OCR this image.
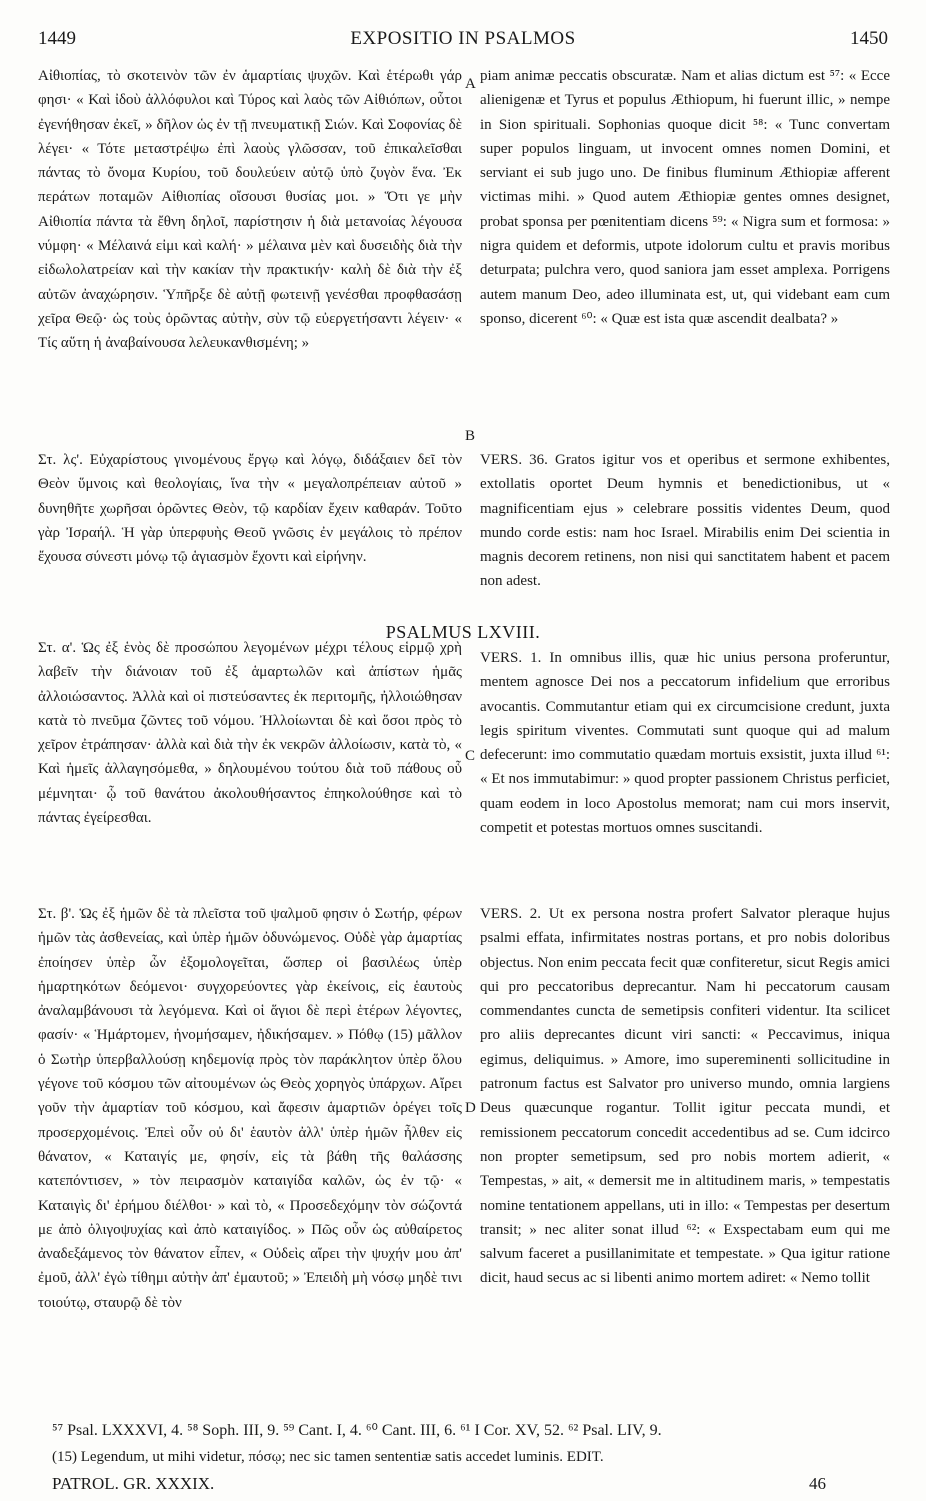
1449	EXPOSITIO IN PSALMOS	1450
A
B
C
D

Αἰθιοπίας, τὸ σκοτεινὸν τῶν ἐν ἁμαρτίαις ψυχῶν. Καὶ ἑτέρωθι γάρ φησι· « Καὶ ἰδοὺ ἀλλόφυλοι καὶ Τύρος καὶ λαὸς τῶν Αἰθιόπων, οὗτοι ἐγενήθησαν ἐκεῖ, » δῆλον ὡς ἐν τῇ πνευματικῇ Σιών. Καὶ Σοφονίας δὲ λέγει· « Τότε μεταστρέψω ἐπὶ λαοὺς γλῶσσαν, τοῦ ἐπικαλεῖσθαι πάντας τὸ ὄνομα Κυρίου, τοῦ δουλεύειν αὐτῷ ὑπὸ ζυγὸν ἕνα. Ἐκ περάτων ποταμῶν Αἰθιοπίας οἴσουσι θυσίας μοι. » Ὅτι γε μὴν Αἰθιοπία πάντα τὰ ἔθνη δηλοῖ, παρίστησιν ἡ διὰ μετανοίας λέγουσα νύμφη· « Μέλαινά εἰμι καὶ καλή· » μέλαινα μὲν καὶ δυσειδὴς διὰ τὴν εἰδωλολατρείαν καὶ τὴν κακίαν τὴν πρακτικήν· καλὴ δὲ διὰ τὴν ἐξ αὐτῶν ἀναχώρησιν. Ὑπῆρξε δὲ αὐτῇ φωτεινῇ γενέσθαι προφθασάσῃ χεῖρα Θεῷ· ὡς τοὺς ὁρῶντας αὐτὴν, σὺν τῷ εὐεργετήσαντι λέγειν· « Τίς αὕτη ἡ ἀναβαίνουσα λελευκανθισμένη; »

Στ. λς'. Εὐχαρίστους γινομένους ἔργῳ καὶ λόγῳ, διδάξαιεν δεῖ τὸν Θεὸν ὕμνοις καὶ θεολογίαις, ἵνα τὴν « μεγαλοπρέπειαν αὐτοῦ » δυνηθῆτε χωρῆσαι ὁρῶντες Θεὸν, τῷ καρδίαν ἔχειν καθαράν. Τοῦτο γὰρ Ἰσραήλ. Ἡ γὰρ ὑπερφυὴς Θεοῦ γνῶσις ἐν μεγάλοις τὸ πρέπον ἔχουσα σύνεστι μόνῳ τῷ ἁγιασμὸν ἔχοντι καὶ εἰρήνην.

Στ. α'. Ὡς ἐξ ἑνὸς δὲ προσώπου λεγομένων μέχρι τέλους εἱρμῷ χρὴ λαβεῖν τὴν διάνοιαν τοῦ ἐξ ἁμαρτωλῶν καὶ ἀπίστων ἡμᾶς ἀλλοιώσαντος. Ἀλλὰ καὶ οἱ πιστεύσαντες ἐκ περιτομῆς, ἠλλοιώθησαν κατὰ τὸ πνεῦμα ζῶντες τοῦ νόμου. Ἠλλοίωνται δὲ καὶ ὅσοι πρὸς τὸ χεῖρον ἐτράπησαν· ἀλλὰ καὶ διὰ τὴν ἐκ νεκρῶν ἀλλοίωσιν, κατὰ τὸ, « Καὶ ἡμεῖς ἀλλαγησόμεθα, » δηλουμένου τούτου διὰ τοῦ πάθους οὗ μέμνηται· ᾧ τοῦ θανάτου ἀκολουθήσαντος ἐπηκολούθησε καὶ τὸ πάντας ἐγείρεσθαι.

Στ. β'. Ὡς ἐξ ἡμῶν δὲ τὰ πλεῖστα τοῦ ψαλμοῦ φησιν ὁ Σωτήρ, φέρων ἡμῶν τὰς ἀσθενείας, καὶ ὑπὲρ ἡμῶν ὀδυνώμενος. Οὐδὲ γὰρ ἁμαρτίας ἐποίησεν ὑπὲρ ὧν ἐξομολογεῖται, ὥσπερ οἱ βασιλέως ὑπὲρ ἡμαρτηκότων δεόμενοι· συγχορεύοντες γὰρ ἐκείνοις, εἰς ἑαυτοὺς ἀναλαμβάνουσι τὰ λεγόμενα. Καὶ οἱ ἅγιοι δὲ περὶ ἑτέρων λέγοντες, φασίν· « Ἡμάρτομεν, ἠνομήσαμεν, ἠδικήσαμεν. » Πόθῳ (15) μᾶλλον ὁ Σωτὴρ ὑπερβαλλούσῃ κηδεμονίᾳ πρὸς τὸν παράκλητον ὑπὲρ ὅλου γέγονε τοῦ κόσμου τῶν αἰτουμένων ὡς Θεὸς χορηγὸς ὑπάρχων. Αἴρει γοῦν τὴν ἁμαρτίαν τοῦ κόσμου, καὶ ἄφεσιν ἁμαρτιῶν ὀρέγει τοῖς προσερχομένοις. Ἐπεὶ οὖν οὐ δι' ἑαυτὸν ἀλλ' ὑπὲρ ἡμῶν ἦλθεν εἰς θάνατον, « Καταιγίς με, φησίν, εἰς τὰ βάθη τῆς θαλάσσης κατεπόντισεν, » τὸν πειρασμὸν καταιγίδα καλῶν, ὡς ἐν τῷ· « Καταιγὶς δι' ἐρήμου διέλθοι· » καὶ τὸ, « Προσεδεχόμην τὸν σώζοντά με ἀπὸ ὀλιγοψυχίας καὶ ἀπὸ καταιγίδος. » Πῶς οὖν ὡς αὐθαίρετος ἀναδεξάμενος τὸν θάνατον εἶπεν, « Οὐδεὶς αἴρει τὴν ψυχήν μου ἀπ' ἐμοῦ, ἀλλ' ἐγὼ τίθημι αὐτὴν ἀπ' ἐμαυτοῦ; » Ἐπειδὴ μὴ νόσῳ μηδὲ τινι τοιούτῳ, σταυρῷ δὲ τὸν

piam animæ peccatis obscuratæ. Nam et alias dictum est ⁵⁷: « Ecce alienigenæ et Tyrus et populus Æthiopum, hi fuerunt illic, » nempe in Sion spirituali. Sophonias quoque dicit ⁵⁸: « Tunc convertam super populos linguam, ut invocent omnes nomen Domini, et serviant ei sub jugo uno. De finibus fluminum Æthiopiæ afferent victimas mihi. » Quod autem Æthiopiæ gentes omnes designet, probat sponsa per pœnitentiam dicens ⁵⁹: « Nigra sum et formosa: » nigra quidem et deformis, utpote idolorum cultu et pravis moribus deturpata; pulchra vero, quod saniora jam esset amplexa. Porrigens autem manum Deo, adeo illuminata est, ut, qui videbant eam cum sponso, dicerent ⁶⁰: « Quæ est ista quæ ascendit dealbata? »

VERS. 36. Gratos igitur vos et operibus et sermone exhibentes, extollatis oportet Deum hymnis et benedictionibus, ut « magnificentiam ejus » celebrare possitis videntes Deum, quod mundo corde estis: nam hoc Israel. Mirabilis enim Dei scientia in magnis decorem retinens, non nisi qui sanctitatem habent et pacem non adest.

PSALMUS LXVIII.

VERS. 1. In omnibus illis, quæ hic unius persona proferuntur, mentem agnosce Dei nos a peccatorum infidelium que erroribus avocantis. Commutantur etiam qui ex circumcisione credunt, juxta legis spiritum viventes. Commutati sunt quoque qui ad malum defecerunt: imo commutatio quædam mortuis exsistit, juxta illud ⁶¹: « Et nos immutabimur: » quod propter passionem Christus perficiet, quam eodem in loco Apostolus memorat; nam cui mors inservit, competit et potestas mortuos omnes suscitandi.

VERS. 2. Ut ex persona nostra profert Salvator pleraque hujus psalmi effata, infirmitates nostras portans, et pro nobis doloribus objectus. Non enim peccata fecit quæ confiteretur, sicut Regis amici qui pro peccatoribus deprecantur. Nam hi peccatorum causam commendantes cuncta de semetipsis confiteri videntur. Ita scilicet pro aliis deprecantes dicunt viri sancti: « Peccavimus, iniqua egimus, deliquimus. » Amore, imo supereminenti sollicitudine in patronum factus est Salvator pro universo mundo, omnia largiens Deus quæcunque rogantur. Tollit igitur peccata mundi, et remissionem peccatorum concedit accedentibus ad se. Cum idcirco non propter semetipsum, sed pro nobis mortem adierit, « Tempestas, » ait, « demersit me in altitudinem maris, » tempestatis nomine tentationem appellans, uti in illo: « Tempestas per desertum transit; » nec aliter sonat illud ⁶²: « Exspectabam eum qui me salvum faceret a pusillanimitate et tempestate. » Qua igitur ratione dicit, haud secus ac si libenti animo mortem adiret: « Nemo tollit

⁵⁷ Psal. LXXXVI, 4. ⁵⁸ Soph. III, 9. ⁵⁹ Cant. I, 4. ⁶⁰ Cant. III, 6. ⁶¹ I Cor. XV, 52. ⁶² Psal. LIV, 9.
(15) Legendum, ut mihi videtur, πόσῳ; nec sic tamen sententiæ satis accedet luminis. EDIT.
PATROL. GR. XXXIX.	46
